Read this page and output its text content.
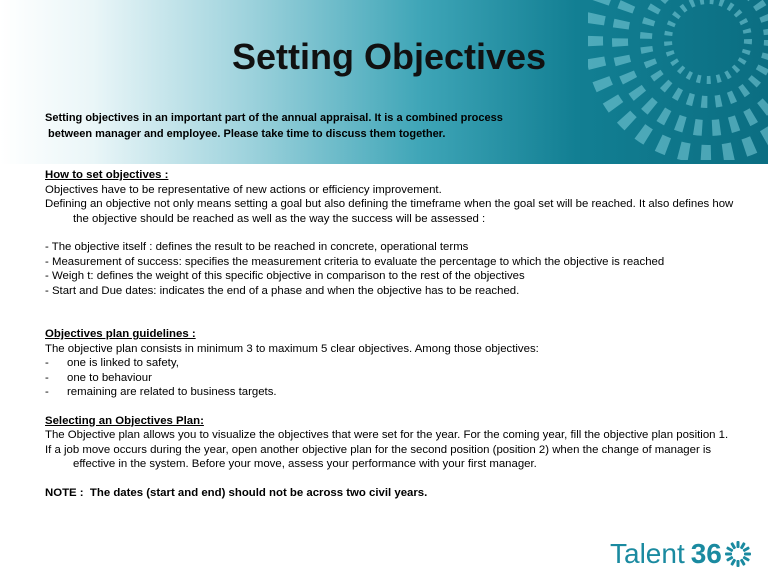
Setting Objectives

Setting objectives in an important part of the annual appraisal. It is a combined process
between manager and employee. Please take time to discuss them together.

How to set objectives :

Objectives have to be representative of new actions or efficiency improvement.

Defining an objective not only means setting a goal but also defining the timeframe when the goal set will be reached. It also defines how the objective should be reached as well as the way the success will be assessed :

- The objective itself : defines the result to be reached in concrete, operational terms

- Measurement of success: specifies the measurement criteria to evaluate the percentage to which the objective is reached

- Weigh t: defines the weight of this specific objective in comparison to the rest of the objectives

- Start and Due dates: indicates the end of a phase and when the objective has to be reached.

Objectives plan guidelines :

The objective plan consists in minimum 3 to maximum 5 clear objectives. Among those objectives:

-	one is linked to safety,
-	one to behaviour
-	remaining are related to business targets.

Selecting an Objectives Plan:

The Objective plan allows you to visualize the objectives that were set for the year. For the coming year, fill the objective plan position 1.

If a job move occurs during the year, open another objective plan for the second position (position 2) when the change of manager is effective in the system. Before your move, assess your performance with your first manager.

NOTE :  The dates (start and end) should not be across two civil years.

Talent 36
